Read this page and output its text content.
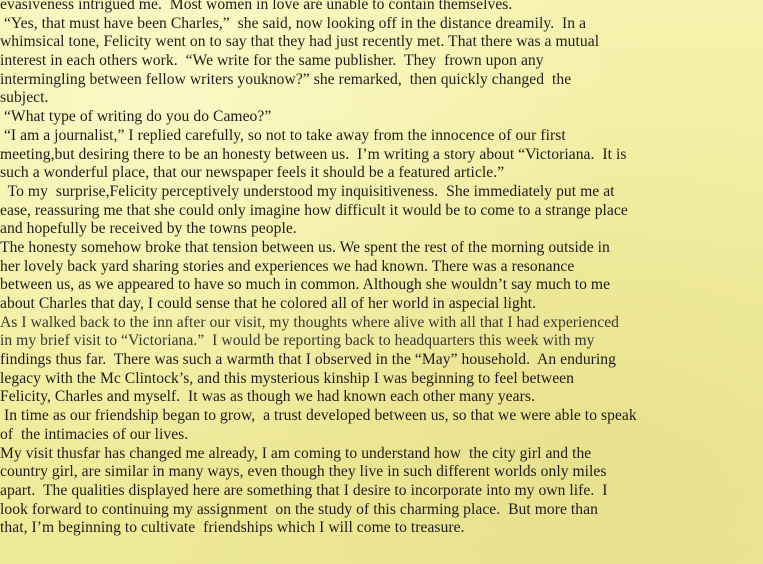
evasiveness intrigued me.  Most women in love are unable to contain themselves.
“Yes, that must have been Charles,”  she said, now looking off in the distance dreamily.  In a
whimsical tone, Felicity went on to say that they had just recently met. That there was a mutual
interest in each others work.  “We write for the same publisher.  They  frown upon any
intermingling between fellow writers youknow?” she remarked,  then quickly changed  the
subject.
“What type of writing do you do Cameo?”
“I am a journalist,” I replied carefully, so not to take away from the innocence of our first
meeting,but desiring there to be an honesty between us.  I’m writing a story about “Victoriana.  It is
such a wonderful place, that our newspaper feels it should be a featured article.”
To my  surprise,Felicity perceptively understood my inquisitiveness.  She immediately put me at
ease, reassuring me that she could only imagine how difficult it would be to come to a strange place
and hopefully be received by the towns people.
The honesty somehow broke that tension between us. We spent the rest of the morning outside in
her lovely back yard sharing stories and experiences we had known. There was a resonance
between us, as we appeared to have so much in common. Although she wouldn’t say much to me
about Charles that day, I could sense that he colored all of her world in aspecial light.
As I walked back to the inn after our visit, my thoughts where alive with all that I had experienced
in my brief visit to “Victoriana.”  I would be reporting back to headquarters this week with my
findings thus far.  There was such a warmth that I observed in the “May” household.  An enduring
legacy with the Mc Clintock’s, and this mysterious kinship I was beginning to feel between
Felicity, Charles and myself.  It was as though we had known each other many years.
In time as our friendship began to grow,  a trust developed between us, so that we were able to speak
of  the intimacies of our lives.
My visit thusfar has changed me already, I am coming to understand how  the city girl and the
country girl, are similar in many ways, even though they live in such different worlds only miles
apart.  The qualities displayed here are something that I desire to incorporate into my own life.  I
look forward to continuing my assignment  on the study of this charming place.  But more than
that, I’m beginning to cultivate  friendships which I will come to treasure.
